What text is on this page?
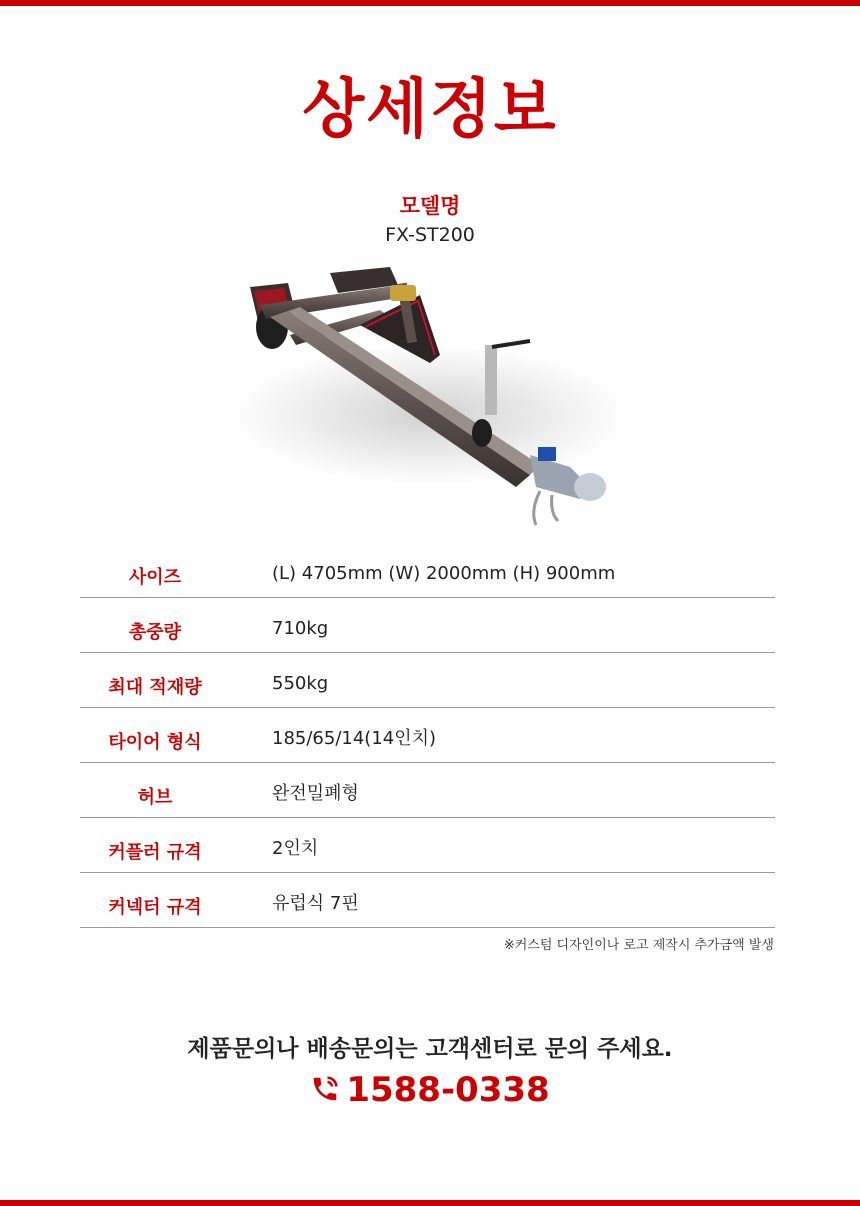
상세정보
모델명
FX-ST200
사이즈	(L) 4705mm (W) 2000mm (H) 900mm
총중량	710kg
최대 적재량	550kg
타이어 형식	185/65/14(14인치)
허브	완전밀폐형
커플러 규격	2인치
커넥터 규격	유럽식 7핀
※커스텀 디자인이나 로고 제작시 추가금액 발생
제품문의나 배송문의는 고객센터로 문의 주세요.
1588-0338
